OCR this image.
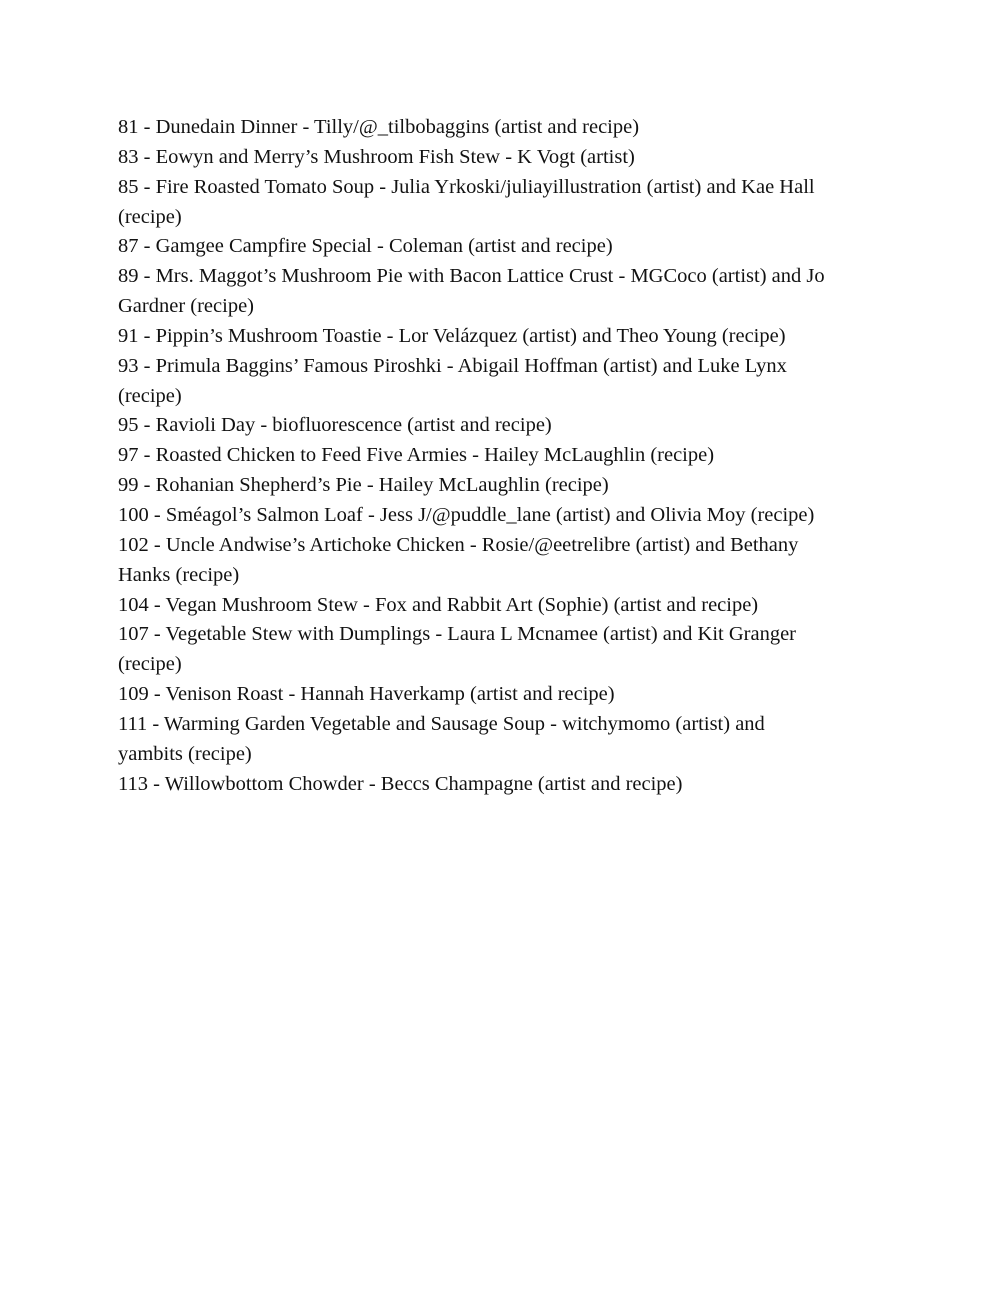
81 - Dunedain Dinner - Tilly/@_tilbobaggins (artist and recipe)
83 - Eowyn and Merry’s Mushroom Fish Stew - K Vogt (artist)
85 - Fire Roasted Tomato Soup - Julia Yrkoski/juliayillustration (artist) and Kae Hall
(recipe)
87 - Gamgee Campfire Special - Coleman (artist and recipe)
89 - Mrs. Maggot’s Mushroom Pie with Bacon Lattice Crust - MGCoco (artist) and Jo
Gardner (recipe)
91 - Pippin’s Mushroom Toastie - Lor Velázquez (artist) and Theo Young (recipe)
93 - Primula Baggins’ Famous Piroshki - Abigail Hoffman (artist) and Luke Lynx
(recipe)
95 - Ravioli Day - biofluorescence (artist and recipe)
97 - Roasted Chicken to Feed Five Armies - Hailey McLaughlin (recipe)
99 - Rohanian Shepherd’s Pie - Hailey McLaughlin (recipe)
100 - Sméagol’s Salmon Loaf - Jess J/@puddle_lane (artist) and Olivia Moy (recipe)
102 - Uncle Andwise’s Artichoke Chicken - Rosie/@eetrelibre (artist) and Bethany
Hanks (recipe)
104 - Vegan Mushroom Stew - Fox and Rabbit Art (Sophie) (artist and recipe)
107 - Vegetable Stew with Dumplings - Laura L Mcnamee (artist) and Kit Granger
(recipe)
109 - Venison Roast - Hannah Haverkamp (artist and recipe)
111 - Warming Garden Vegetable and Sausage Soup - witchymomo (artist) and
yambits (recipe)
113 - Willowbottom Chowder - Beccs Champagne (artist and recipe)
